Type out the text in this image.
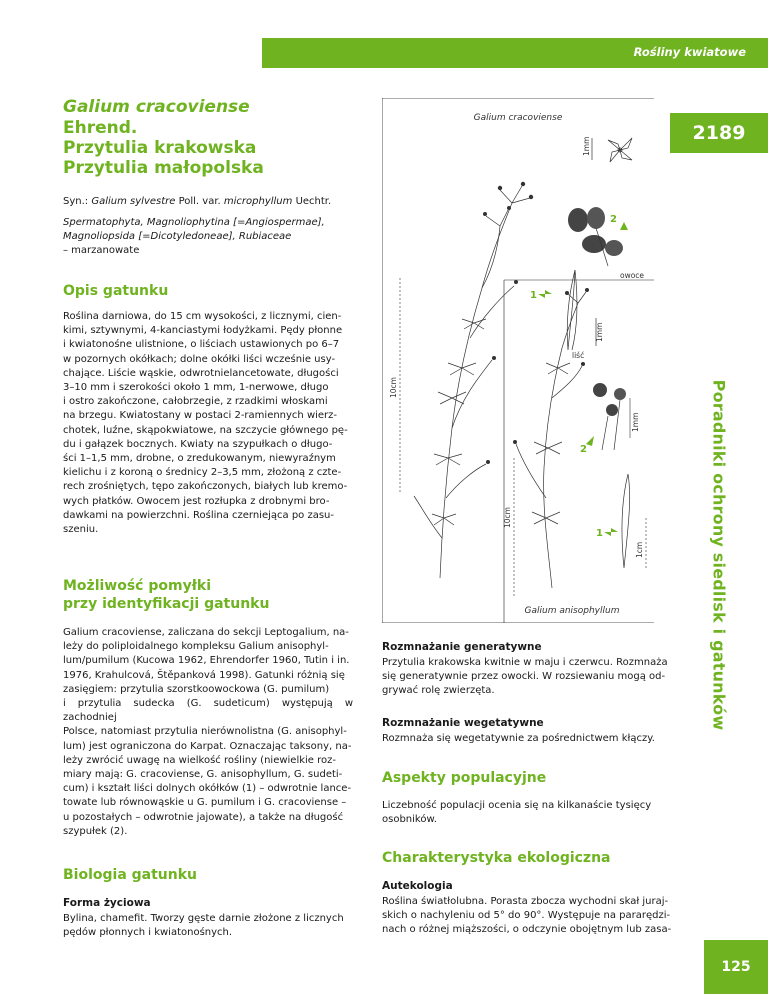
Rośliny kwiatowe
Galium cracoviense
Ehrend.
Przytulia krakowska
Przytulia małopolska
2189
Poradniki ochrony siedlisk i gatunków
Syn.: Galium sylvestre Poll. var. microphyllum Uechtr.
Spermatophyta, Magnoliophytina [=Angiospermae],
Magnoliopsida [=Dicotyledoneae], Rubiaceae
– marzanowate
Opis gatunku
Roślina darniowa, do 15 cm wysokości, z licznymi, cien-
kimi, sztywnymi, 4-kanciastymi łodyżkami. Pędy płonne
i kwiatonośne ulistnione, o liściach ustawionych po 6–7
w pozornych okółkach; dolne okółki liści wcześnie usy-
chające. Liście wąskie, odwrotnielancetowate, długości
3–10 mm i szerokości około 1 mm, 1-nerwowe, długo
i ostro zakończone, całobrzegie, z rzadkimi włoskami
na brzegu. Kwiatostany w postaci 2-ramiennych wierz-
chotek, luźne, skąpokwiatowe, na szczycie głównego pę-
du i gałązek bocznych. Kwiaty na szypułkach o długo-
ści 1–1,5 mm, drobne, o zredukowanym, niewyraźnym
kielichu i z koroną o średnicy 2–3,5 mm, złożoną z czte-
rech zrośniętych, tępo zakończonych, białych lub kremo-
wych płatków. Owocem jest rozłupka z drobnymi bro-
dawkami na powierzchni. Roślina czerniejąca po zasu-
szeniu.
Możliwość pomyłki
przy identyfikacji gatunku
Galium cracoviense, zaliczana do sekcji Leptogalium, na-
leży do poliploidalnego kompleksu Galium anisophyl-
lum/pumilum (Kucowa 1962, Ehrendorfer 1960, Tutin i in.
1976, Krahulcová, Štěpanková 1998). Gatunki różnią się
zasięgiem: przytulia szorstkoowockowa (G. pumilum)
i przytulia sudecka (G. sudeticum) występują w zachodniej
Polsce, natomiast przytulia nierównolistna (G. anisophyl-
lum) jest ograniczona do Karpat. Oznaczając taksony, na-
leży zwrócić uwagę na wielkość rośliny (niewielkie roz-
miary mają: G. cracoviense, G. anisophyllum, G. sudeti-
cum) i kształt liści dolnych okółków (1) – odwrotnie lance-
towate lub równowąskie u G. pumilum i G. cracoviense –
u pozostałych – odwrotnie jajowate), a także na długość
szypułek (2).
Biologia gatunku
Forma życiowa
Bylina, chamefit. Tworzy gęste darnie złożone z licznych
pędów płonnych i kwiatonośnych.
Galium cracoviense
Galium anisophyllum
1mm
2
owoce
1
1mm
liść
10cm
2
1mm
1
1cm
10cm
Rozmnażanie generatywne
Przytulia krakowska kwitnie w maju i czerwcu. Rozmnaża
się generatywnie przez owocki. W rozsiewaniu mogą od-
grywać rolę zwierzęta.
Rozmnażanie wegetatywne
Rozmnaża się wegetatywnie za pośrednictwem kłączy.
Aspekty populacyjne
Liczebność populacji ocenia się na kilkanaście tysięcy
osobników.
Charakterystyka ekologiczna
Autekologia
Roślina światłolubna. Porasta zbocza wychodni skał juraj-
skich o nachyleniu od 5° do 90°. Występuje na pararędzi-
nach o różnej miąższości, o odczynie obojętnym lub zasa-
125
